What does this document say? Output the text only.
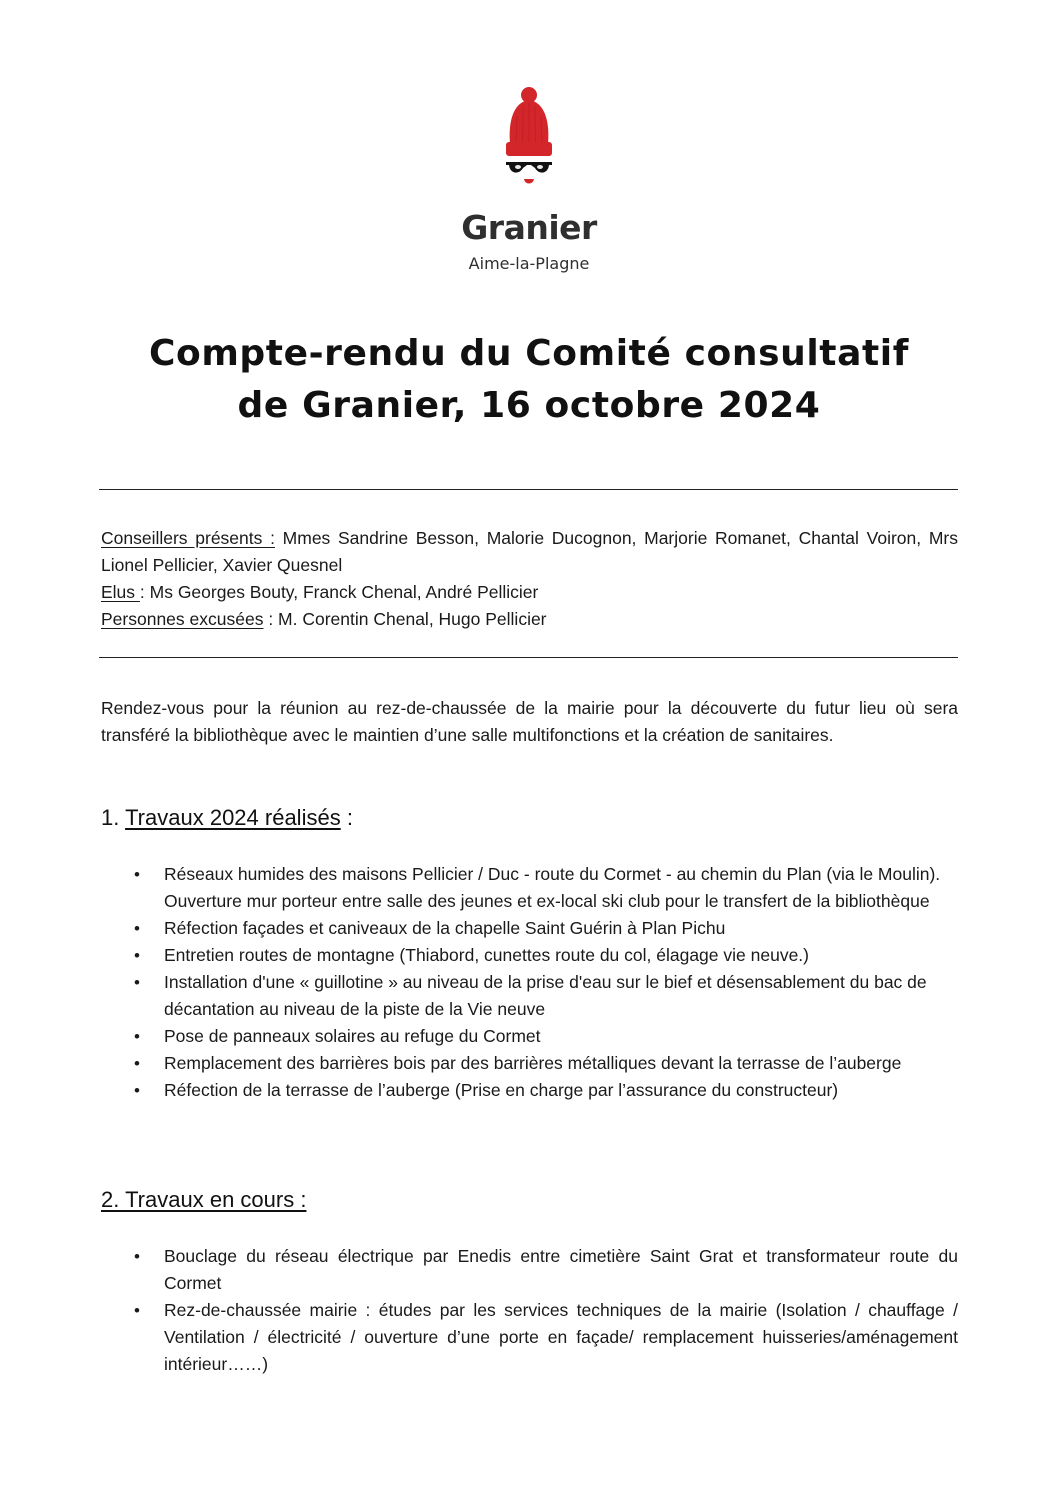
Granier
Aime-la-Plagne
Compte-rendu du Comité consultatif
de Granier, 16 octobre 2024
Conseillers présents : Mmes Sandrine Besson, Malorie Ducognon, Marjorie Romanet, Chantal Voiron, Mrs Lionel Pellicier, Xavier Quesnel
Elus : Ms Georges Bouty, Franck Chenal, André Pellicier
Personnes excusées : M. Corentin Chenal, Hugo Pellicier
Rendez-vous pour la réunion au rez-de-chaussée de la mairie pour la découverte du futur lieu où sera transféré la bibliothèque avec le maintien d’une salle multifonctions et la création de sanitaires.
1. Travaux 2024 réalisés :
• Réseaux humides des maisons Pellicier / Duc - route du Cormet - au chemin du Plan (via le Moulin). Ouverture mur porteur entre salle des jeunes et ex-local ski club pour le transfert de la bibliothèque
• Réfection façades et caniveaux de la chapelle Saint Guérin à Plan Pichu
• Entretien routes de montagne (Thiabord, cunettes route du col, élagage vie neuve.)
• Installation d'une « guillotine » au niveau de la prise d'eau sur le bief et désensablement du bac de décantation au niveau de la piste de la Vie neuve
• Pose de panneaux solaires au refuge du Cormet
• Remplacement des barrières bois par des barrières métalliques devant la terrasse de l’auberge
• Réfection de la terrasse de l’auberge (Prise en charge par l’assurance du constructeur)
2. Travaux en cours :
• Bouclage du réseau électrique par Enedis entre cimetière Saint Grat et transformateur route du Cormet
• Rez-de-chaussée mairie : études par les services techniques de la mairie (Isolation / chauffage / Ventilation / électricité / ouverture d’une porte en façade/ remplacement huisseries/aménagement intérieur……)
